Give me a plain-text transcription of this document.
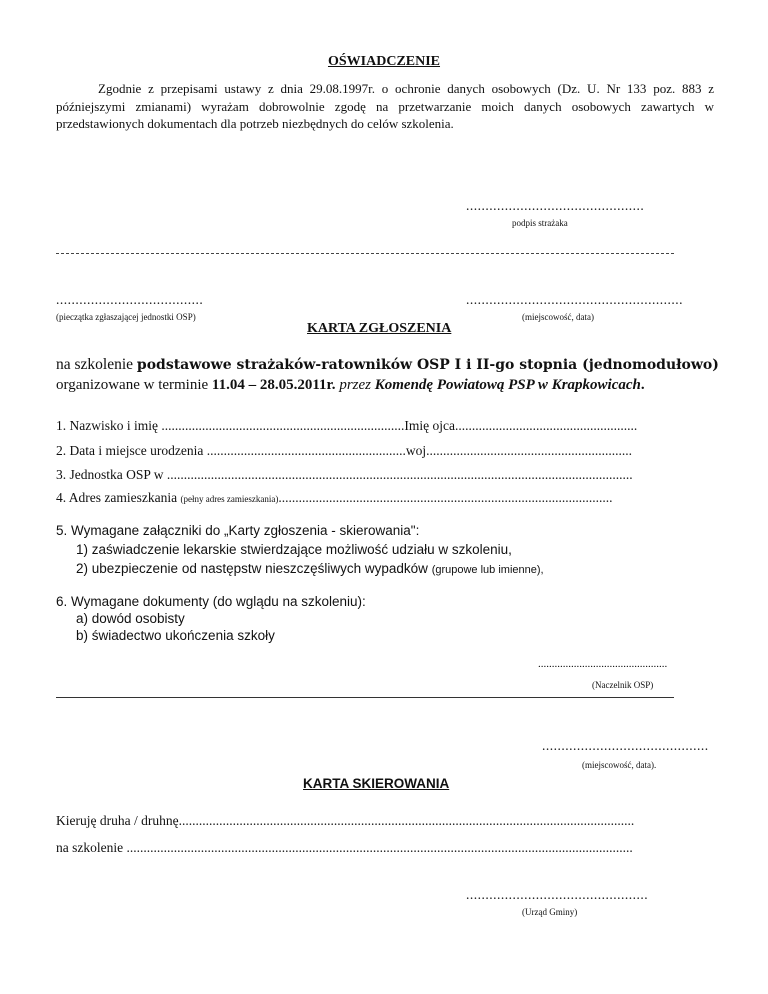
OŚWIADCZENIE
Zgodnie z przepisami ustawy z dnia 29.08.1997r. o ochronie danych osobowych (Dz. U. Nr 133 poz. 883 z późniejszymi zmianami) wyrażam dobrowolnie zgodę na przetwarzanie moich danych osobowych zawartych w przedstawionych dokumentach dla potrzeb niezbędnych do celów szkolenia.
..............................................
podpis strażaka
......................................
(pieczątka zgłaszającej jednostki OSP)
........................................................
(miejscowość, data)
KARTA ZGŁOSZENIA
na szkolenie podstawowe strażaków-ratowników OSP I i II-go stopnia (jednomodułowo)
organizowane w terminie 11.04 – 28.05.2011r. przez Komendę Powiatową PSP w Krapkowicach.
1. Nazwisko i imię ........................................................................Imię ojca......................................................
2. Data i miejsce urodzenia ...........................................................woj.............................................................
3. Jednostka OSP w ..........................................................................................................................................
4. Adres zamieszkania (pełny adres zamieszkania)...................................................................................................
5. Wymagane załączniki do „Karty zgłoszenia - skierowania":
1) zaświadczenie lekarskie stwierdzające możliwość udziału w szkoleniu,
2) ubezpieczenie od następstw nieszczęśliwych wypadków (grupowe lub imienne),
6. Wymagane dokumenty (do wglądu na szkoleniu):
a) dowód osobisty
b) świadectwo ukończenia szkoły
...............................................
(Naczelnik OSP)
...........................................
(miejscowość, data).
KARTA SKIEROWANIA
Kieruję druha / druhnę.......................................................................................................................................
na szkolenie ......................................................................................................................................................
...............................................
(Urząd Gminy)
